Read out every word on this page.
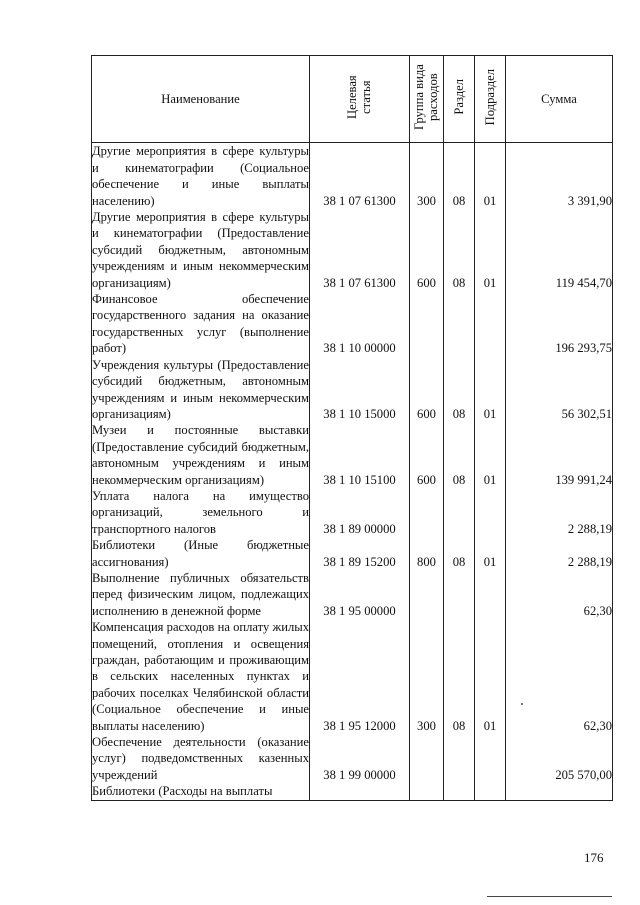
Наименование	Целевая статья	Группа вида расходов	Раздел	Подраздел	Сумма
Другие мероприятия в сфере культуры и кинематографии (Социальное обеспечение и иные выплаты населению)	38 1 07 61300	300	08	01	3 391,90
Другие мероприятия в сфере культуры и кинематографии (Предоставление субсидий бюджетным, автономным учреждениям и иным некоммерческим организациям)	38 1 07 61300	600	08	01	119 454,70
Финансовое обеспечение государственного задания на оказание государственных услуг (выполнение работ)	38 1 10 00000				196 293,75
Учреждения культуры (Предоставление субсидий бюджетным, автономным учреждениям и иным некоммерческим организациям)	38 1 10 15000	600	08	01	56 302,51
Музеи и постоянные выставки (Предоставление субсидий бюджетным, автономным учреждениям и иным некоммерческим организациям)	38 1 10 15100	600	08	01	139 991,24
Уплата налога на имущество организаций, земельного и транспортного налогов	38 1 89 00000				2 288,19
Библиотеки (Иные бюджетные ассигнования)	38 1 89 15200	800	08	01	2 288,19
Выполнение публичных обязательств перед физическим лицом, подлежащих исполнению в денежной форме	38 1 95 00000				62,30
Компенсация расходов на оплату жилых помещений, отопления и освещения граждан, работающим и проживающим в сельских населенных пунктах и рабочих поселках Челябинской области (Социальное обеспечение и иные выплаты населению)	38 1 95 12000	300	08	01	62,30
Обеспечение деятельности (оказание услуг) подведомственных казенных учреждений	38 1 99 00000				205 570,00
Библиотеки (Расходы на выплаты					
176
